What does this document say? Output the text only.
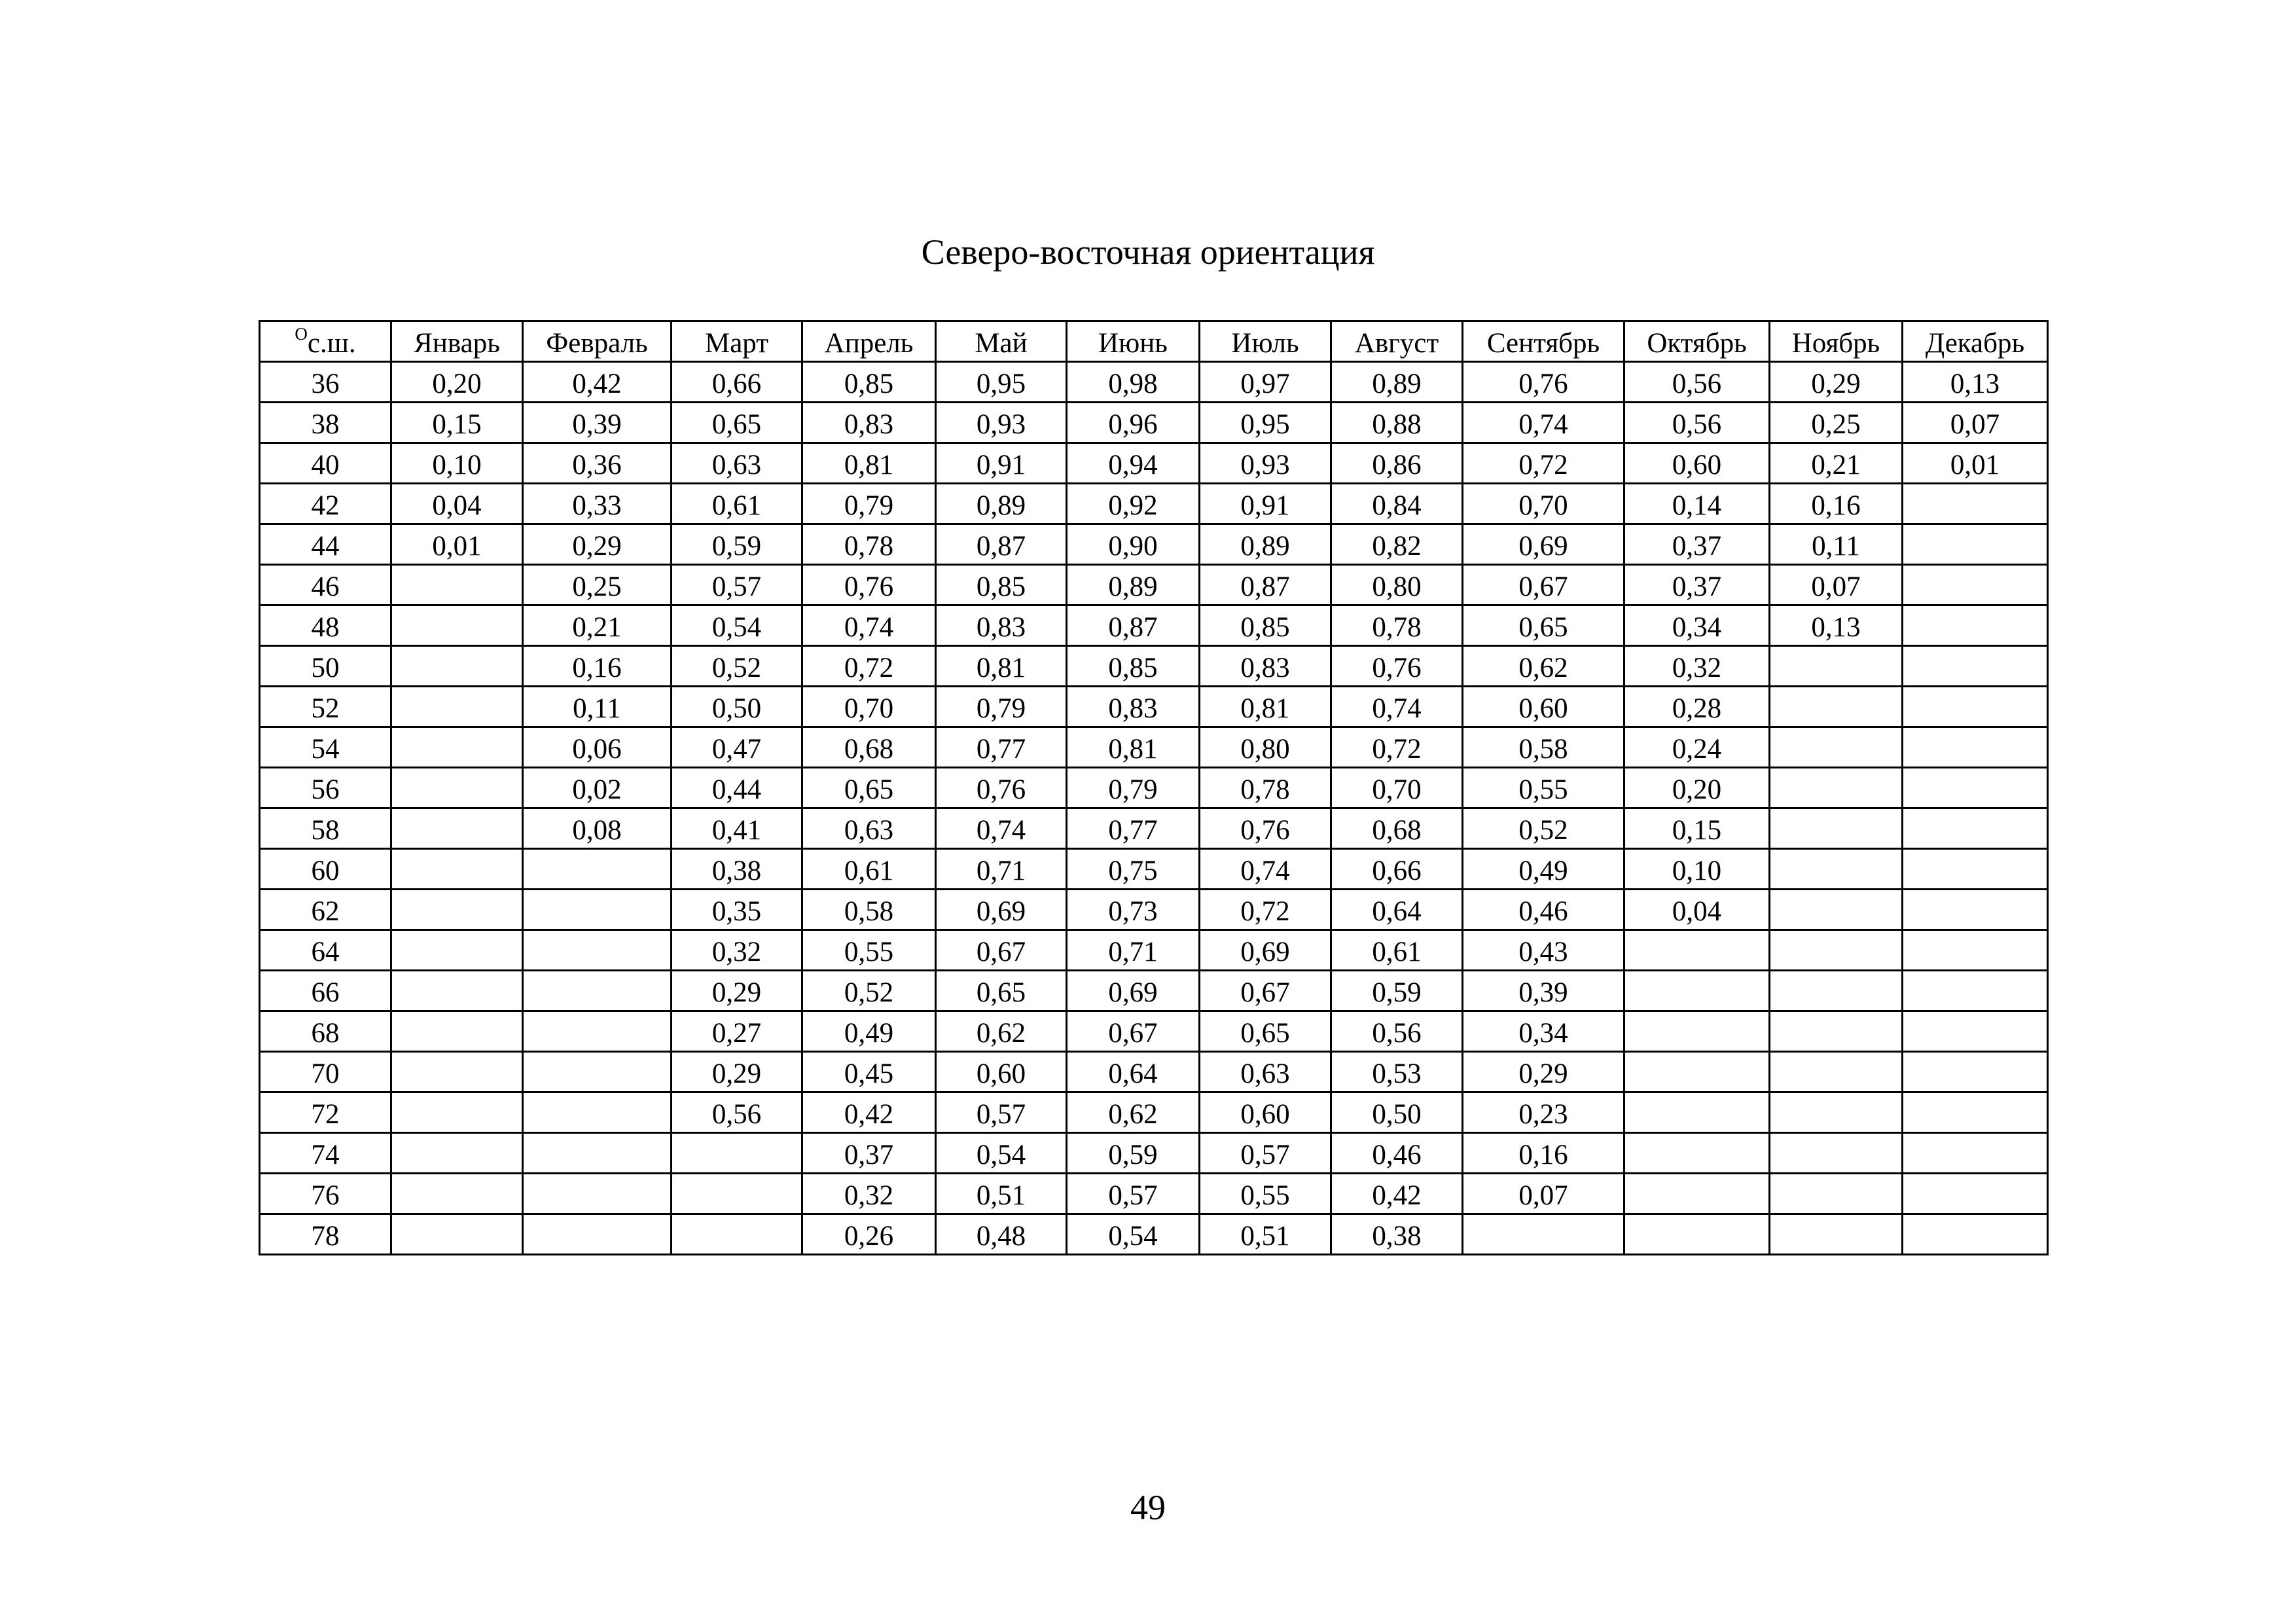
Северо-восточная ориентация
$^O$с.ш.	Январь	Февраль	Март	Апрель	Май	Июнь	Июль	Август	Сентябрь	Октябрь	Ноябрь	Декабрь
36	0,20	0,42	0,66	0,85	0,95	0,98	0,97	0,89	0,76	0,56	0,29	0,13
38	0,15	0,39	0,65	0,83	0,93	0,96	0,95	0,88	0,74	0,56	0,25	0,07
40	0,10	0,36	0,63	0,81	0,91	0,94	0,93	0,86	0,72	0,60	0,21	0,01
42	0,04	0,33	0,61	0,79	0,89	0,92	0,91	0,84	0,70	0,14	0,16	
44	0,01	0,29	0,59	0,78	0,87	0,90	0,89	0,82	0,69	0,37	0,11	
46		0,25	0,57	0,76	0,85	0,89	0,87	0,80	0,67	0,37	0,07	
48		0,21	0,54	0,74	0,83	0,87	0,85	0,78	0,65	0,34	0,13	
50		0,16	0,52	0,72	0,81	0,85	0,83	0,76	0,62	0,32		
52		0,11	0,50	0,70	0,79	0,83	0,81	0,74	0,60	0,28		
54		0,06	0,47	0,68	0,77	0,81	0,80	0,72	0,58	0,24		
56		0,02	0,44	0,65	0,76	0,79	0,78	0,70	0,55	0,20		
58		0,08	0,41	0,63	0,74	0,77	0,76	0,68	0,52	0,15		
60			0,38	0,61	0,71	0,75	0,74	0,66	0,49	0,10		
62			0,35	0,58	0,69	0,73	0,72	0,64	0,46	0,04		
64			0,32	0,55	0,67	0,71	0,69	0,61	0,43			
66			0,29	0,52	0,65	0,69	0,67	0,59	0,39			
68			0,27	0,49	0,62	0,67	0,65	0,56	0,34			
70			0,29	0,45	0,60	0,64	0,63	0,53	0,29			
72			0,56	0,42	0,57	0,62	0,60	0,50	0,23			
74				0,37	0,54	0,59	0,57	0,46	0,16			
76				0,32	0,51	0,57	0,55	0,42	0,07			
78				0,26	0,48	0,54	0,51	0,38				
49
